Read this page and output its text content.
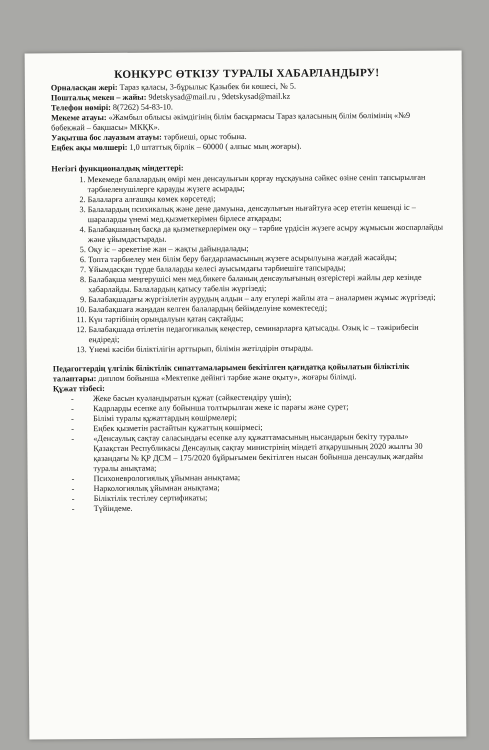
КОНКУРС ӨТКІЗУ ТУРАЛЫ ХАБАРЛАНДЫРУ!

Орналасқан жері: Тараз қаласы, 3-бұрылыс Қазыбек би көшесі, № 5.

Поштальқ мекен – жайы: 9detskysad@mail.ru , 9detskysad@mail.kz

Телефон нөмірі: 8(7262) 54-83-10.

Мекеме атауы: «Жамбыл облысы әкімдігінің білім басқармасы Тараз қаласының білім бөлімінің «№9 бөбекжай – бақшасы» МКҚК».

Уақытша бос лауазым атауы: тәрбиеші, орыс тобына.

Еңбек ақы мөлшері: 1,0 штаттық бірлік – 60000 ( алпыс мың жоғары).

Негізгі функционалдық міндеттері:

1. Мекемеде балалардың өмірі мен денсаулығын қорғау нұсқауына сәйкес өзіне сеніп тапсырылған тәрбиеленушілерге қарауды жүзеге асырады;
2. Балаларға алғашқы көмек көрсетеді;
3. Балалардың психикалық және дене дамуына, денсаулығын нығайтуға әсер ететін кешенді іс – шараларды үнемі мед.қызметкерімен бірлесе атқарады;
4. Балабақшаның басқа да қызметкерлерімен оқу – тәрбие үрдісін жүзеге асыру жұмысын жоспарлайды және ұйымдастырады.
5. Оқу іс – әрекетіне жан – жақты дайындалады;
6. Топта тәрбиелеу мен білім беру бағдарламасының жүзеге асырылуына жағдай жасайды;
7. Ұйымдасқан түрде балаларды келесі ауысымдағы тәрбиешіге тапсырады;
8. Балабақша меңгерушісі мен мед.бикеге баланың денсаулығының өзгерістері жайлы дер кезінде хабарлайды. Балалардың қатысу табелін жүргізеді;
9. Балабақшадағы жүргізілетін аурудың алдын – алу егулері жайлы ата – аналармен жұмыс жүргізеді;
10. Балабақшаға жаңадан келген балалардың бейімделуіне көмектеседі;
11. Күн тәртібінің орындалуын қатаң сақтайды;
12. Балабақшада өтілетін педагогикалық кеңестер, семинарларға қатысады. Озық іс – тәжірибесін ендіреді;
13. Үнемі кәсіби біліктілігін арттырып, білімін жетілдірін отырады.

Педагогтердің үлгілік біліктілік сипаттамаларымен бекітілген қағидатқа қойылатын біліктілік талаптары: диплом бойынша «Мектепке дейінгі тәрбие және оқыту», жоғары білімді.

Құжат тізбесі:

- Жеке басын куәландыратын құжат (сәйкестендіру үшін);
- Кадрларды есепке алу бойынша толтырылған жеке іс парағы және сурет;
- Білімі туралы құжаттардың көшірмелері;
- Еңбек қызметін растайтын құжаттың көшірмесі;
- «Денсаулық сақтау саласындағы есепке алу құжаттамасының нысандарын бекіту туралы» Қазақстан Республикасы Денсаулық сақтау министрінің міндеті атқарушының 2020 жылғы 30 қазандағы № ҚР ДСМ – 175/2020 бұйрығымен бекітілген нысан бойынша денсаулық жағдайы туралы анықтама;
- Психоневрологиялық ұйымнан анықтама;
- Наркологиялық ұйымнан анықтама;
- Біліктілік тестілеу сертификаты;
- Түйіндеме.
